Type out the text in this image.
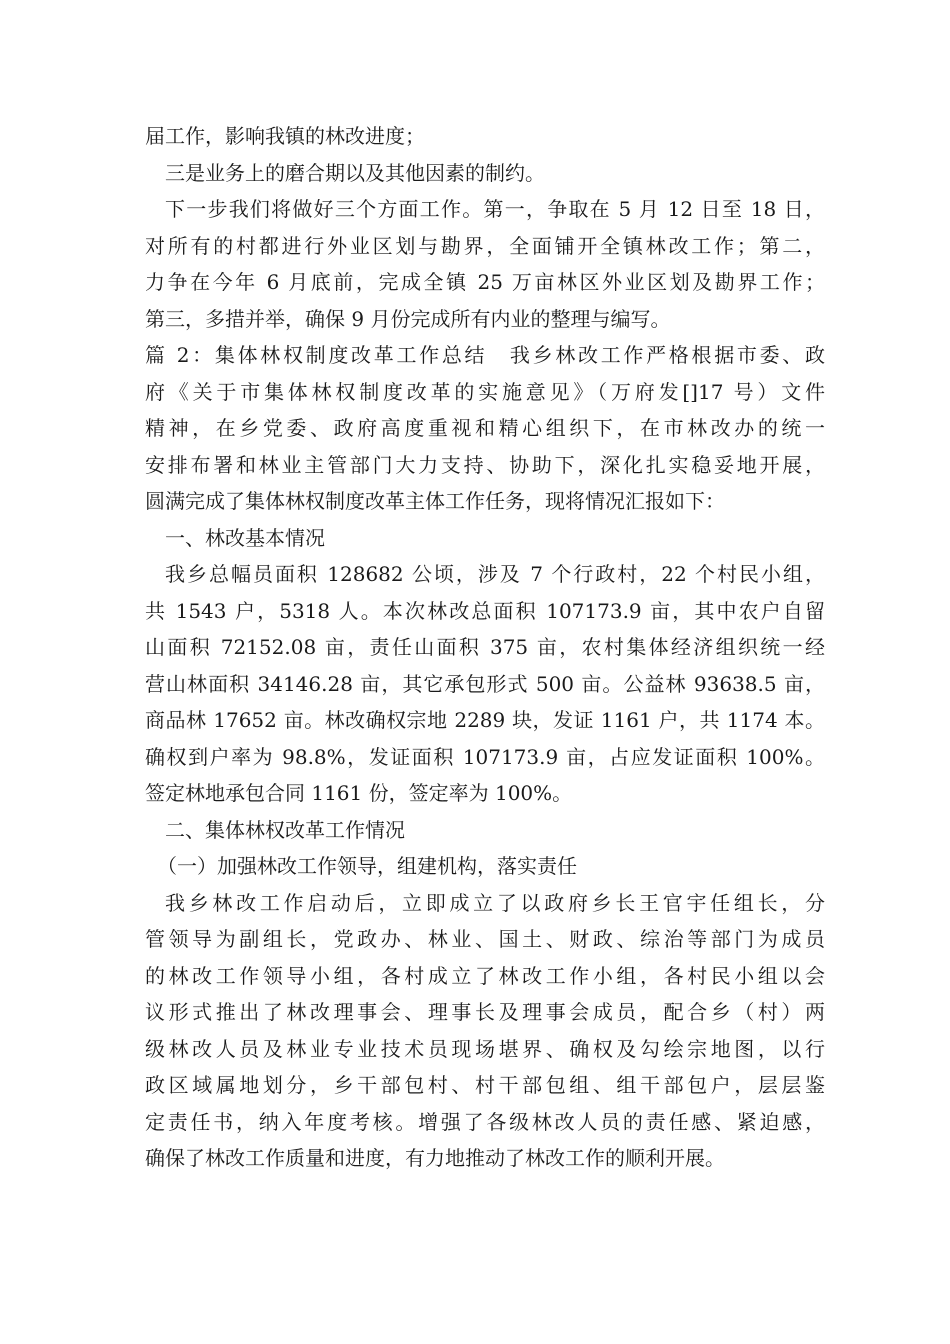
届工作，影响我镇的林改进度；
三是业务上的磨合期以及其他因素的制约。
下一步我们将做好三个方面工作。第一，争取在 5 月 12 日至 18 日，
对所有的村都进行外业区划与勘界，全面铺开全镇林改工作；第二，
力争在今年 6 月底前，完成全镇 25 万亩林区外业区划及勘界工作；
第三，多措并举，确保 9 月份完成所有内业的整理与编写。
篇 2：集体林权制度改革工作总结　我乡林改工作严格根据市委、政
府《关于市集体林权制度改革的实施意见》（万府发[]17 号）文件
精神，在乡党委、政府高度重视和精心组织下，在市林改办的统一
安排布署和林业主管部门大力支持、协助下，深化扎实稳妥地开展，
圆满完成了集体林权制度改革主体工作任务，现将情况汇报如下：
一、林改基本情况
我乡总幅员面积 128682 公顷，涉及 7 个行政村，22 个村民小组，
共 1543 户，5318 人。本次林改总面积 107173.9 亩，其中农户自留
山面积 72152.08 亩，责任山面积 375 亩，农村集体经济组织统一经
营山林面积 34146.28 亩，其它承包形式 500 亩。公益林 93638.5 亩，
商品林 17652 亩。林改确权宗地 2289 块，发证 1161 户，共 1174 本。
确权到户率为 98.8%，发证面积 107173.9 亩，占应发证面积 100%。
签定林地承包合同 1161 份，签定率为 100%。
二、集体林权改革工作情况
（一）加强林改工作领导，组建机构，落实责任
我乡林改工作启动后，立即成立了以政府乡长王官宇任组长，分
管领导为副组长，党政办、林业、国土、财政、综治等部门为成员
的林改工作领导小组，各村成立了林改工作小组，各村民小组以会
议形式推出了林改理事会、理事长及理事会成员，配合乡（村）两
级林改人员及林业专业技术员现场堪界、确权及勾绘宗地图，以行
政区域属地划分，乡干部包村、村干部包组、组干部包户，层层鉴
定责任书，纳入年度考核。增强了各级林改人员的责任感、紧迫感，
确保了林改工作质量和进度，有力地推动了林改工作的顺利开展。
